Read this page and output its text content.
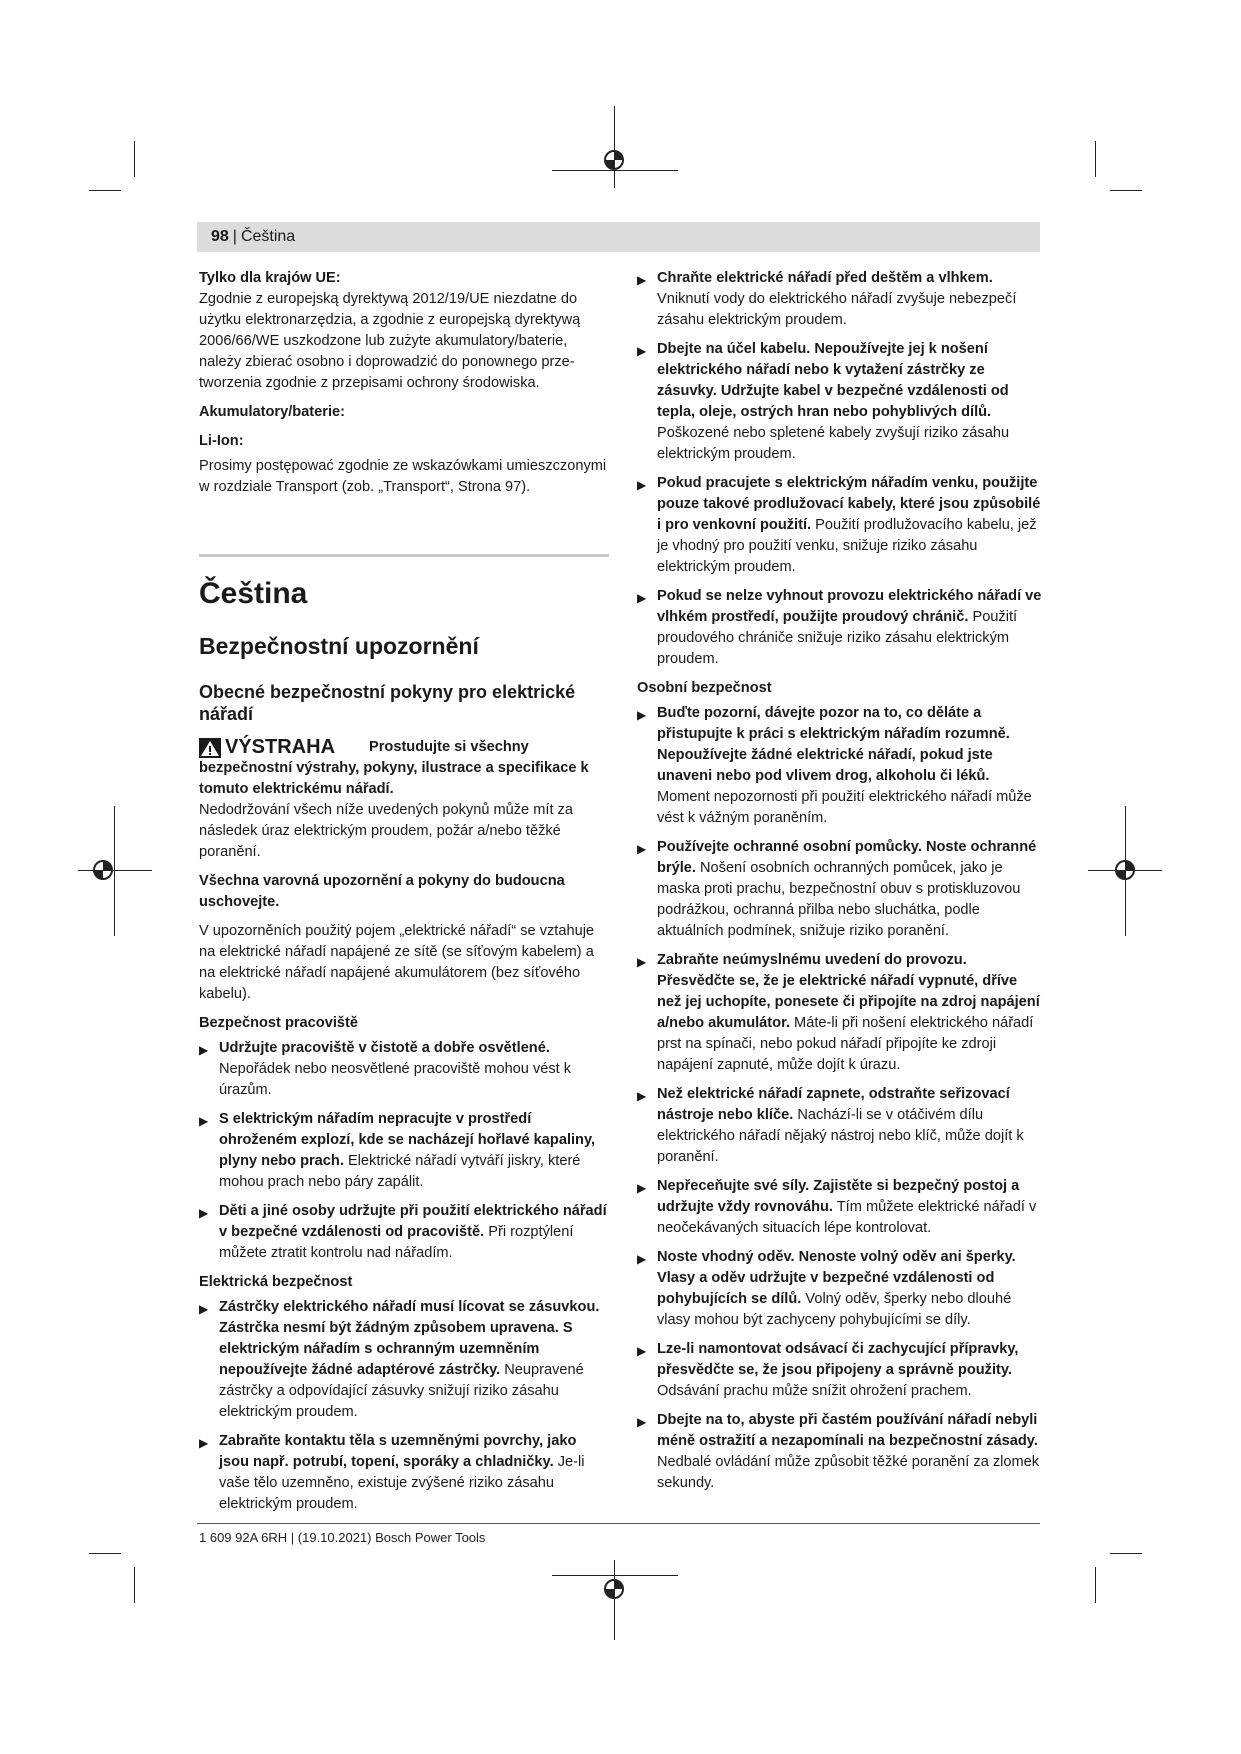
98 | Čeština
Tylko dla krajów UE:

Zgodnie z europejską dyrektywą 2012/19/UE niezdatne do użytku elektronarzędzia, a zgodnie z europejską dyrektywą 2006/66/WE uszkodzone lub zużyte akumulatory/baterie, należy zbierać osobno i doprowadzić do ponownego przetworzenia zgodnie z przepisami ochrony środowiska.

Akumulatory/baterie:
Li-Ion:

Prosimy postępować zgodnie ze wskazówkami umieszczonymi w rozdziale Transport (zob. „Transport“, Strona 97).

Čeština
Bezpečnostní upozornění
Obecné bezpečnostní pokyny pro elektrické nářadí
VÝSTRAHA Prostudujte si všechny bezpečnostní výstrahy, pokyny, ilustrace a specifikace k tomuto elektrickému nářadí.

Nedodržování všech níže uvedených pokynů může mít za následek úraz elektrickým proudem, požár a/nebo těžké poranění.

Všechna varovná upozornění a pokyny do budoucna uschovejte.

V upozorněních použitý pojem „elektrické nářadí“ se vztahuje na elektrické nářadí napájené ze sítě (se síťovým kabelem) a na elektrické nářadí napájené akumulátorem (bez síťového kabelu).

Bezpečnost pracoviště
▶ Udržujte pracoviště v čistotě a dobře osvětlené. Nepořádek nebo neosvětlené pracoviště mohou vést k úrazům.
▶ S elektrickým nářadím nepracujte v prostředí ohroženém explozí, kde se nacházejí hořlavé kapaliny, plyny nebo prach. Elektrické nářadí vytváří jiskry, které mohou prach nebo páry zapálit.
▶ Děti a jiné osoby udržujte při použití elektrického nářadí v bezpečné vzdálenosti od pracoviště. Při rozptýlení můžete ztratit kontrolu nad nářadím.
Elektrická bezpečnost
▶ Zástrčky elektrického nářadí musí lícovat se zásuvkou. Zástrčka nesmí být žádným způsobem upravena. S elektrickým nářadím s ochranným uzemněním nepoužívejte žádné adaptérové zástrčky. Neupravené zástrčky a odpovídající zásuvky snižují riziko zásahu elektrickým proudem.
▶ Zabraňte kontaktu těla s uzemněnými povrchy, jako jsou např. potrubí, topení, sporáky a chladničky. Je-li vaše tělo uzemněno, existuje zvýšené riziko zásahu elektrickým proudem.
▶ Chraňte elektrické nářadí před deštěm a vlhkem. Vniknutí vody do elektrického nářadí zvyšuje nebezpečí zásahu elektrickým proudem.
▶ Dbejte na účel kabelu. Nepoužívejte jej k nošení elektrického nářadí nebo k vytažení zástrčky ze zásuvky. Udržujte kabel v bezpečné vzdálenosti od tepla, oleje, ostrých hran nebo pohyblivých dílů. Poškozené nebo spletené kabely zvyšují riziko zásahu elektrickým proudem.
▶ Pokud pracujete s elektrickým nářadím venku, použijte pouze takové prodlužovací kabely, které jsou způsobilé i pro venkovní použití. Použití prodlužovacího kabelu, jež je vhodný pro použití venku, snižuje riziko zásahu elektrickým proudem.
▶ Pokud se nelze vyhnout provozu elektrického nářadí ve vlhkém prostředí, použijte proudový chránič. Použití proudového chrániče snižuje riziko zásahu elektrickým proudem.
Osobní bezpečnost
▶ Buďte pozorní, dávejte pozor na to, co děláte a přistupujte k práci s elektrickým nářadím rozumně. Nepoužívejte žádné elektrické nářadí, pokud jste unaveni nebo pod vlivem drog, alkoholu či léků. Moment nepozornosti při použití elektrického nářadí může vést k vážným poraněním.
▶ Používejte ochranné osobní pomůcky. Noste ochranné brýle. Nošení osobních ochranných pomůcek, jako je maska proti prachu, bezpečnostní obuv s protiskluzovou podrážkou, ochranná přilba nebo sluchátka, podle aktuálních podmínek, snižuje riziko poranění.
▶ Zabraňte neúmyslnému uvedení do provozu. Přesvědčte se, že je elektrické nářadí vypnuté, dříve než jej uchopíte, ponesete či připojíte na zdroj napájení a/nebo akumulátor. Máte-li při nošení elektrického nářadí prst na spínači, nebo pokud nářadí připojíte ke zdroji napájení zapnuté, může dojít k úrazu.
▶ Než elektrické nářadí zapnete, odstraňte seřizovací nástroje nebo klíče. Nachází-li se v otáčivém dílu elektrického nářadí nějaký nástroj nebo klíč, může dojít k poranění.
▶ Nepřeceňujte své síly. Zajistěte si bezpečný postoj a udržujte vždy rovnováhu. Tím můžete elektrické nářadí v neočekávaných situacích lépe kontrolovat.
▶ Noste vhodný oděv. Nenoste volný oděv ani šperky. Vlasy a oděv udržujte v bezpečné vzdálenosti od pohybujících se dílů. Volný oděv, šperky nebo dlouhé vlasy mohou být zachyceny pohybujícími se díly.
▶ Lze-li namontovat odsávací či zachycující přípravky, přesvědčte se, že jsou připojeny a správně použity. Odsávání prachu může snížit ohrožení prachem.
▶ Dbejte na to, abyste při častém používání nářadí nebyli méně ostražití a nezapomínali na bezpečnostní zásady. Nedbalé ovládání může způsobit těžké poranění za zlomek sekundy.
1 609 92A 6RH | (19.10.2021) Bosch Power Tools
